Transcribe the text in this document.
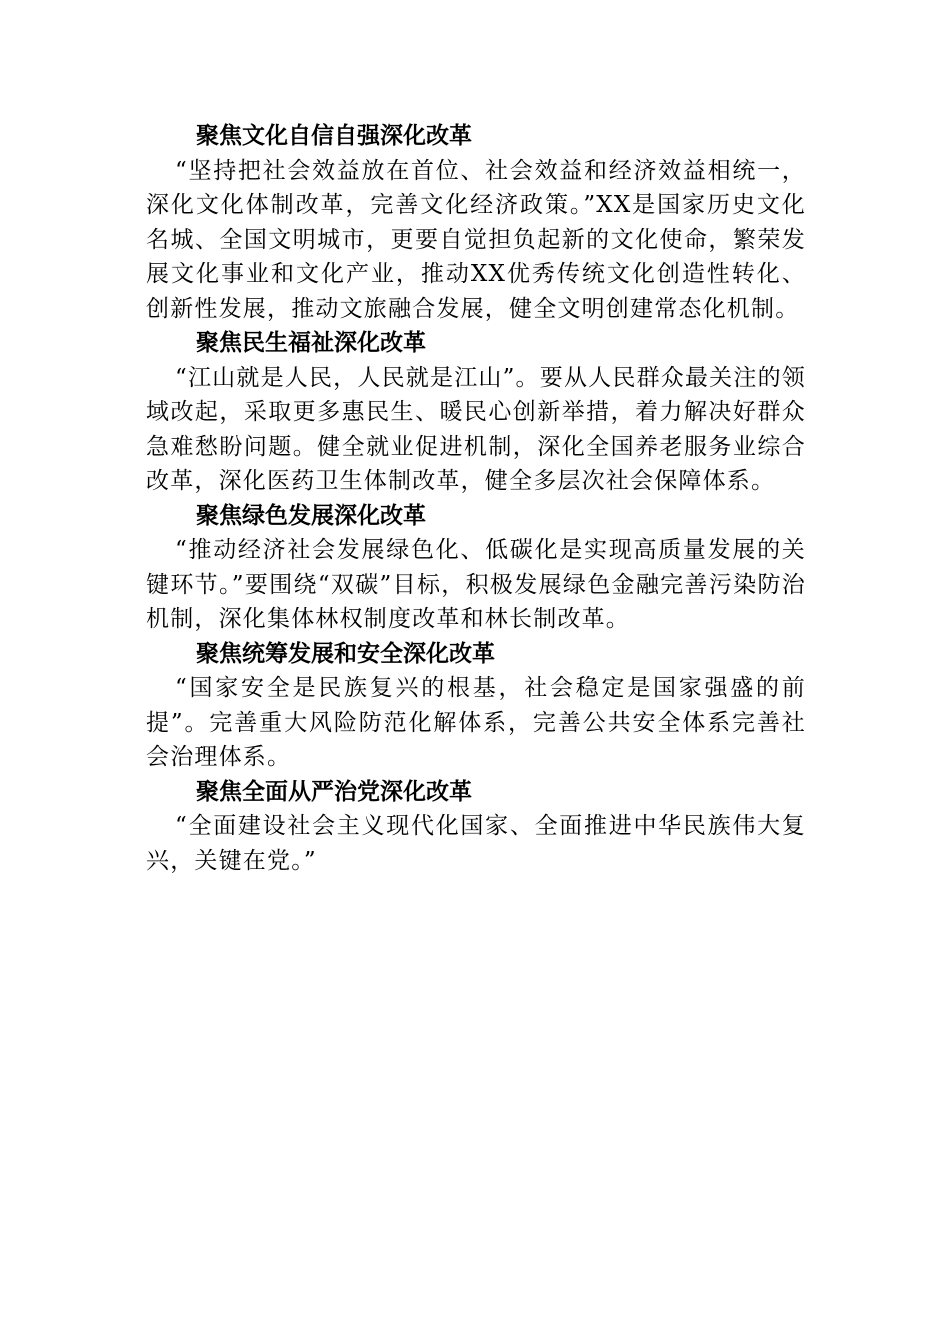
聚焦文化自信自强深化改革

“坚持把社会效益放在首位、社会效益和经济效益相统一，深化文化体制改革，完善文化经济政策。”XX是国家历史文化名城、全国文明城市，更要自觉担负起新的文化使命，繁荣发展文化事业和文化产业，推动XX优秀传统文化创造性转化、创新性发展，推动文旅融合发展，健全文明创建常态化机制。

聚焦民生福祉深化改革

“江山就是人民，人民就是江山”。要从人民群众最关注的领域改起，采取更多惠民生、暖民心创新举措，着力解决好群众急难愁盼问题。健全就业促进机制，深化全国养老服务业综合改革，深化医药卫生体制改革，健全多层次社会保障体系。

聚焦绿色发展深化改革

“推动经济社会发展绿色化、低碳化是实现高质量发展的关键环节。”要围绕“双碳”目标，积极发展绿色金融完善污染防治机制，深化集体林权制度改革和林长制改革。

聚焦统筹发展和安全深化改革

“国家安全是民族复兴的根基，社会稳定是国家强盛的前提”。完善重大风险防范化解体系，完善公共安全体系完善社会治理体系。

聚焦全面从严治党深化改革

“全面建设社会主义现代化国家、全面推进中华民族伟大复兴，关键在党。”
